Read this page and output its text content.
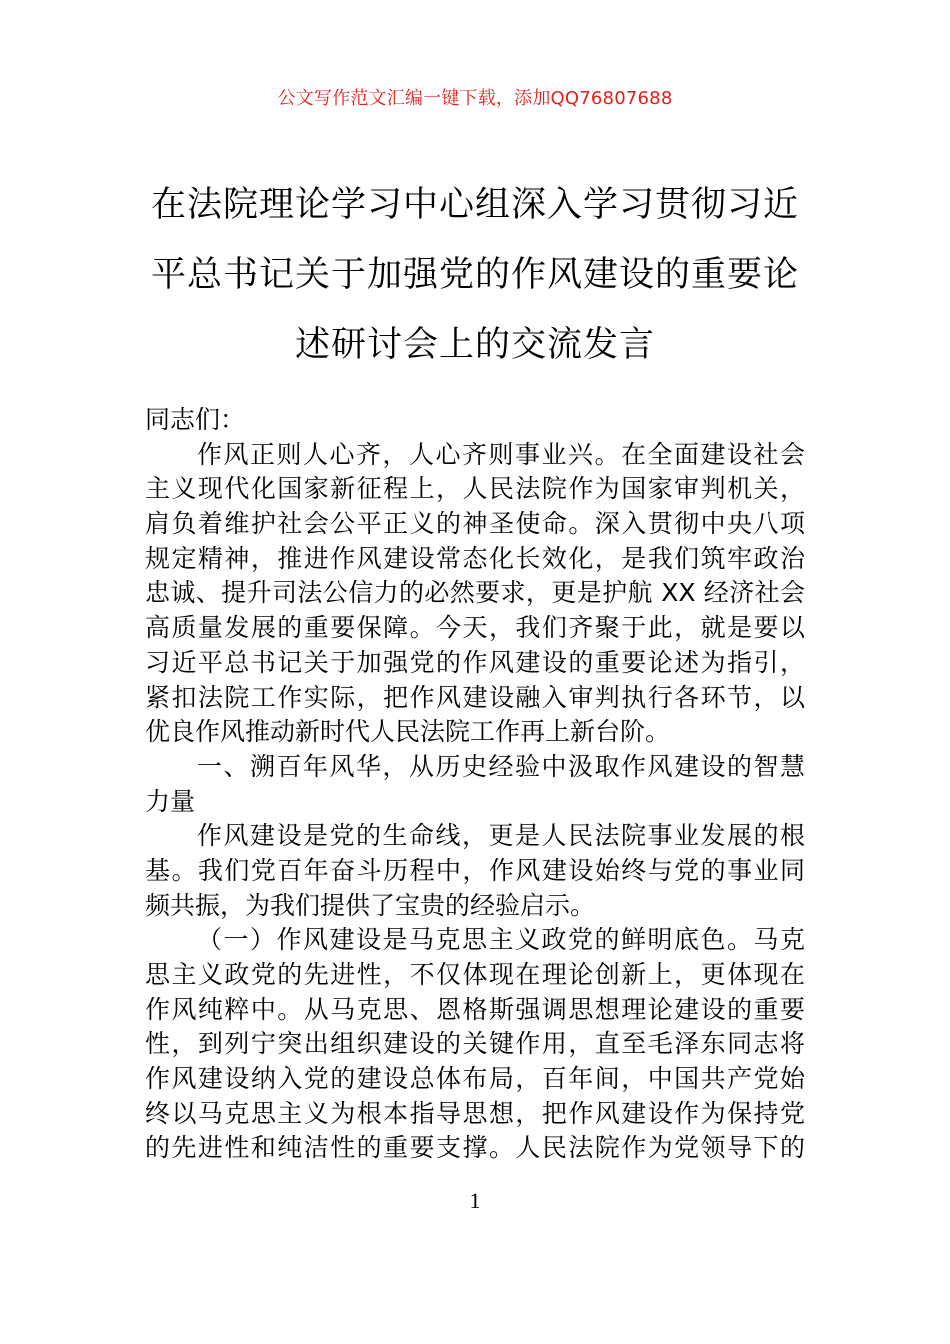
公文写作范文汇编一键下载，添加QQ76807688
在法院理论学习中心组深入学习贯彻习近
平总书记关于加强党的作风建设的重要论
述研讨会上的交流发言
同志们：
作风正则人心齐，人心齐则事业兴。在全面建设社会
主义现代化国家新征程上，人民法院作为国家审判机关，
肩负着维护社会公平正义的神圣使命。深入贯彻中央八项
规定精神，推进作风建设常态化长效化，是我们筑牢政治
忠诚、提升司法公信力的必然要求，更是护航 XX 经济社会
高质量发展的重要保障。今天，我们齐聚于此，就是要以
习近平总书记关于加强党的作风建设的重要论述为指引，
紧扣法院工作实际，把作风建设融入审判执行各环节，以
优良作风推动新时代人民法院工作再上新台阶。
一、溯百年风华，从历史经验中汲取作风建设的智慧
力量
作风建设是党的生命线，更是人民法院事业发展的根
基。我们党百年奋斗历程中，作风建设始终与党的事业同
频共振，为我们提供了宝贵的经验启示。
（一）作风建设是马克思主义政党的鲜明底色。马克
思主义政党的先进性，不仅体现在理论创新上，更体现在
作风纯粹中。从马克思、恩格斯强调思想理论建设的重要
性，到列宁突出组织建设的关键作用，直至毛泽东同志将
作风建设纳入党的建设总体布局，百年间，中国共产党始
终以马克思主义为根本指导思想，把作风建设作为保持党
的先进性和纯洁性的重要支撑。人民法院作为党领导下的
1
